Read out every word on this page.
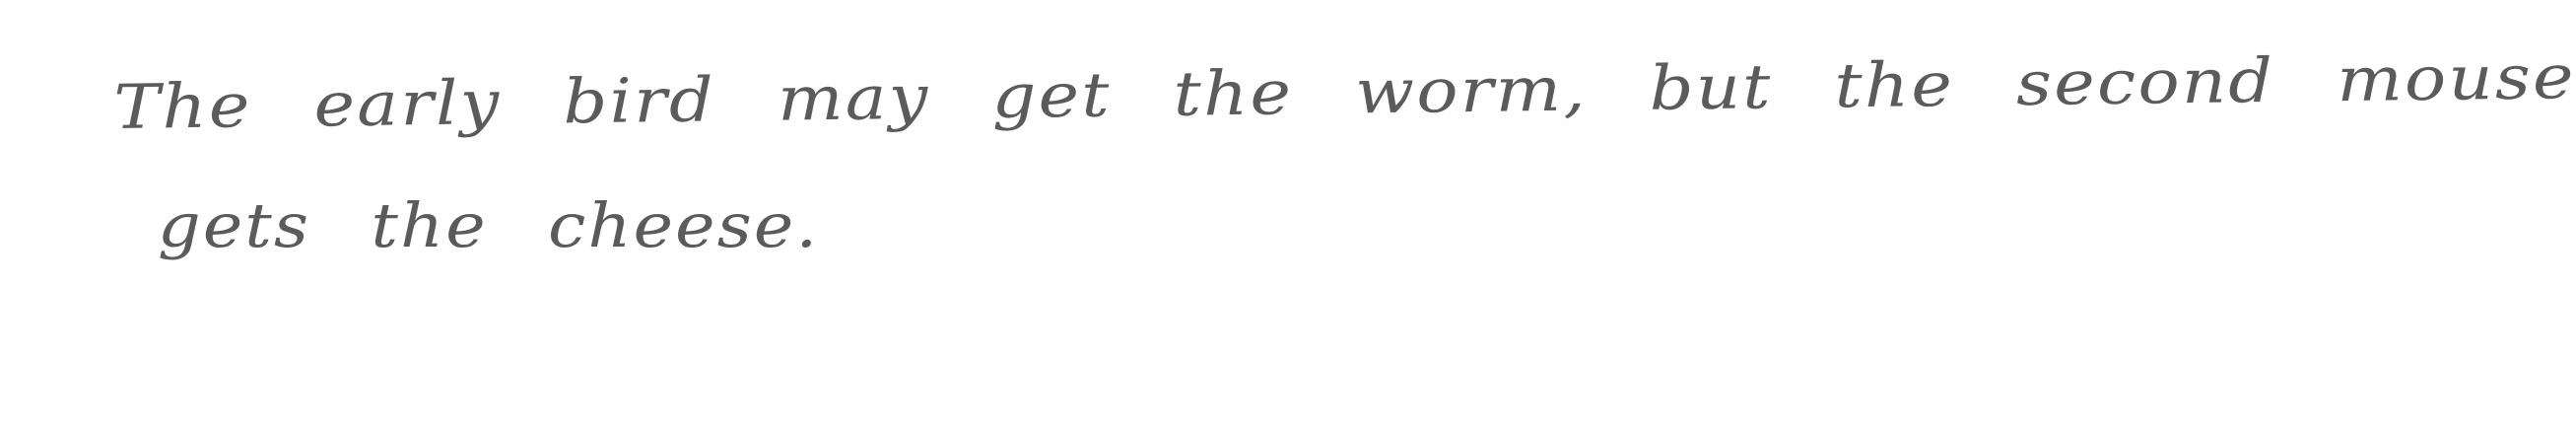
The early bird may get the worm, but the second mouse

gets the cheese.
